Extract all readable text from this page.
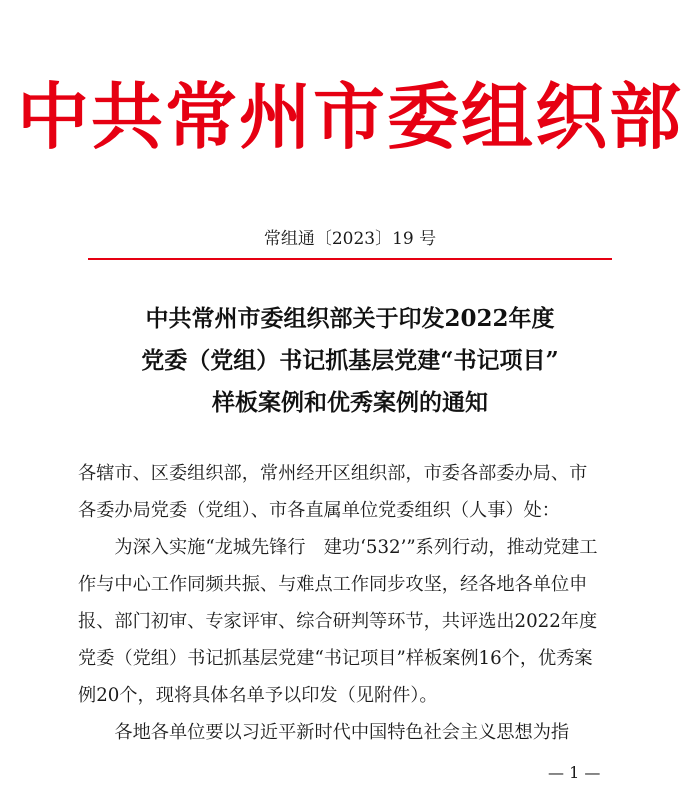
中共常州市委组织部
常组通〔2023〕19 号
中共常州市委组织部关于印发2022年度
党委（党组）书记抓基层党建“书记项目”
样板案例和优秀案例的通知

各辖市、区委组织部，常州经开区组织部，市委各部委办局、市

各委办局党委（党组）、市各直属单位党委组织（人事）处：

　　为深入实施“龙城先锋行　建功‘532’”系列行动，推动党建工

作与中心工作同频共振、与难点工作同步攻坚，经各地各单位申

报、部门初审、专家评审、综合研判等环节，共评选出2022年度

党委（党组）书记抓基层党建“书记项目”样板案例16个，优秀案

例20个，现将具体名单予以印发（见附件）。

　　各地各单位要以习近平新时代中国特色社会主义思想为指

— 1 —
